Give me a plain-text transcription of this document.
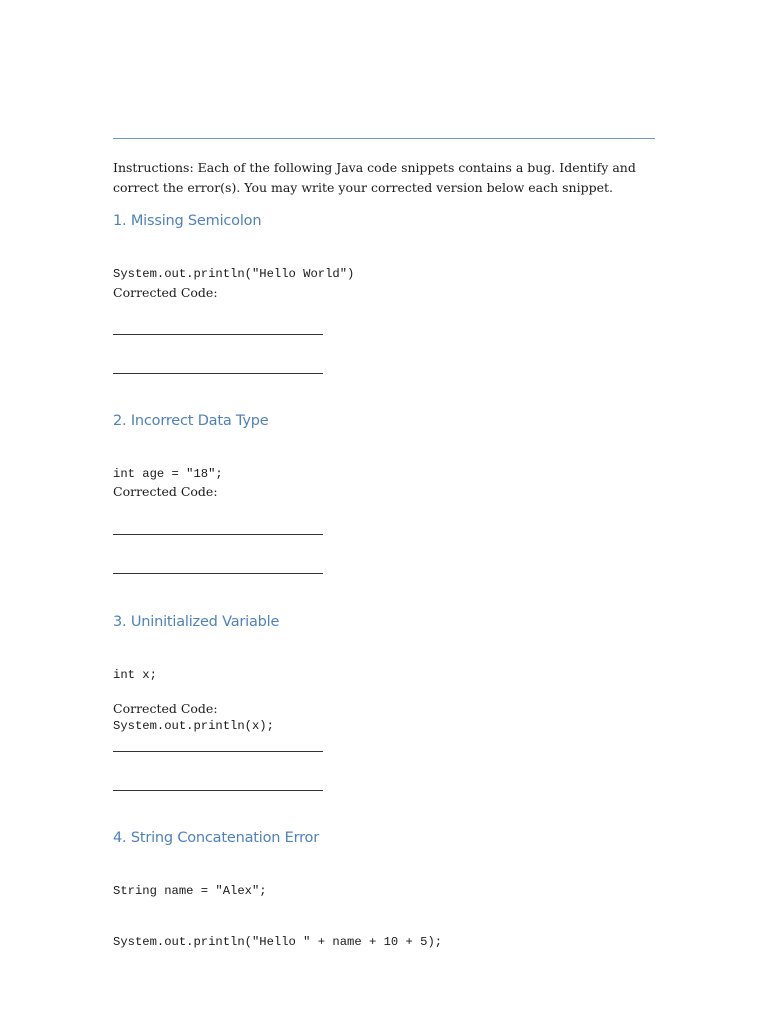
Instructions: Each of the following Java code snippets contains a bug. Identify and correct the error(s). You may write your corrected version below each snippet.

1. Missing Semicolon

System.out.println("Hello World")

Corrected Code:

2. Incorrect Data Type

int age = "18";

Corrected Code:

3. Uninitialized Variable

int x;

System.out.println(x);

Corrected Code:

4. String Concatenation Error

String name = "Alex";

System.out.println("Hello " + name + 10 + 5);
